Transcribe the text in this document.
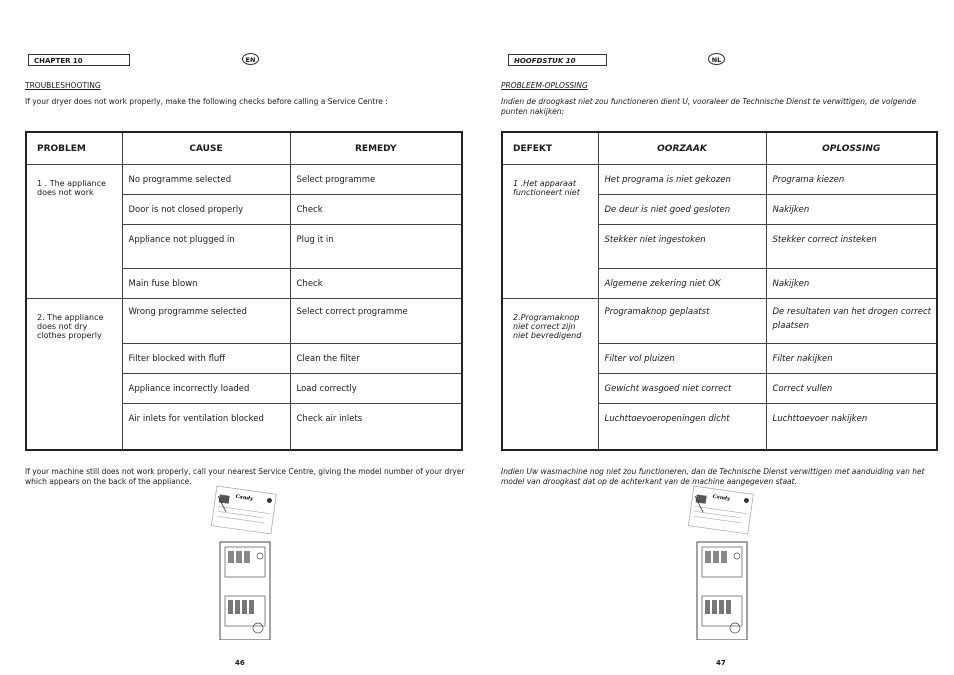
CHAPTER 10	EN
TROUBLESHOOTING
If your dryer does not work properly, make the following checks before calling a Service Centre :
PROBLEM	CAUSE	REMEDY

1 . The appliance does not work	No programme selected	Select programme

	Door is not closed properly	Check

	Appliance not plugged in	Plug it in

	Main fuse blown	Check

2. The appliance does not dry clothes properly	Wrong programme selected	Select correct programme

	Filter blocked with fluff	Clean the filter

	Appliance incorrectly loaded	Load correctly

	Air inlets for ventilation blocked	Check air inlets
If your machine still does not work properly, call your nearest Service Centre, giving the model number of your dryer which appears on the back of the appliance.
Candy
46
HOOFDSTUK 10	NL
PROBLEEM-OPLOSSING
Indien de droogkast niet zou functioneren dient U, vooraleer de Technische Dienst te verwittigen, de volgende punten nakijken:
DEFEKT	OORZAAK	OPLOSSING

1 .Het apparaat functioneert niet	Het programa is niet gekozen	Programa kiezen

	De deur is niet goed gesloten	Nakijken

	Stekker niet ingestoken	Stekker correct insteken

	Algemene zekering niet OK	Nakijken

2.Programaknop niet correct zijn niet bevredigend	Programaknop geplaatst	De resultaten van het drogen correct plaatsen

	Filter vol pluizen	Filter nakijken

	Gewicht wasgoed niet correct	Correct vullen

	Luchttoevoeropeningen dicht	Luchttoevoer nakijken
Indien Uw wasmachine nog niet zou functioneren, dan de Technische Dienst verwittigen met aanduiding van het model van droogkast dat op de achterkant van de machine aangegeven staat.
Candy
47
